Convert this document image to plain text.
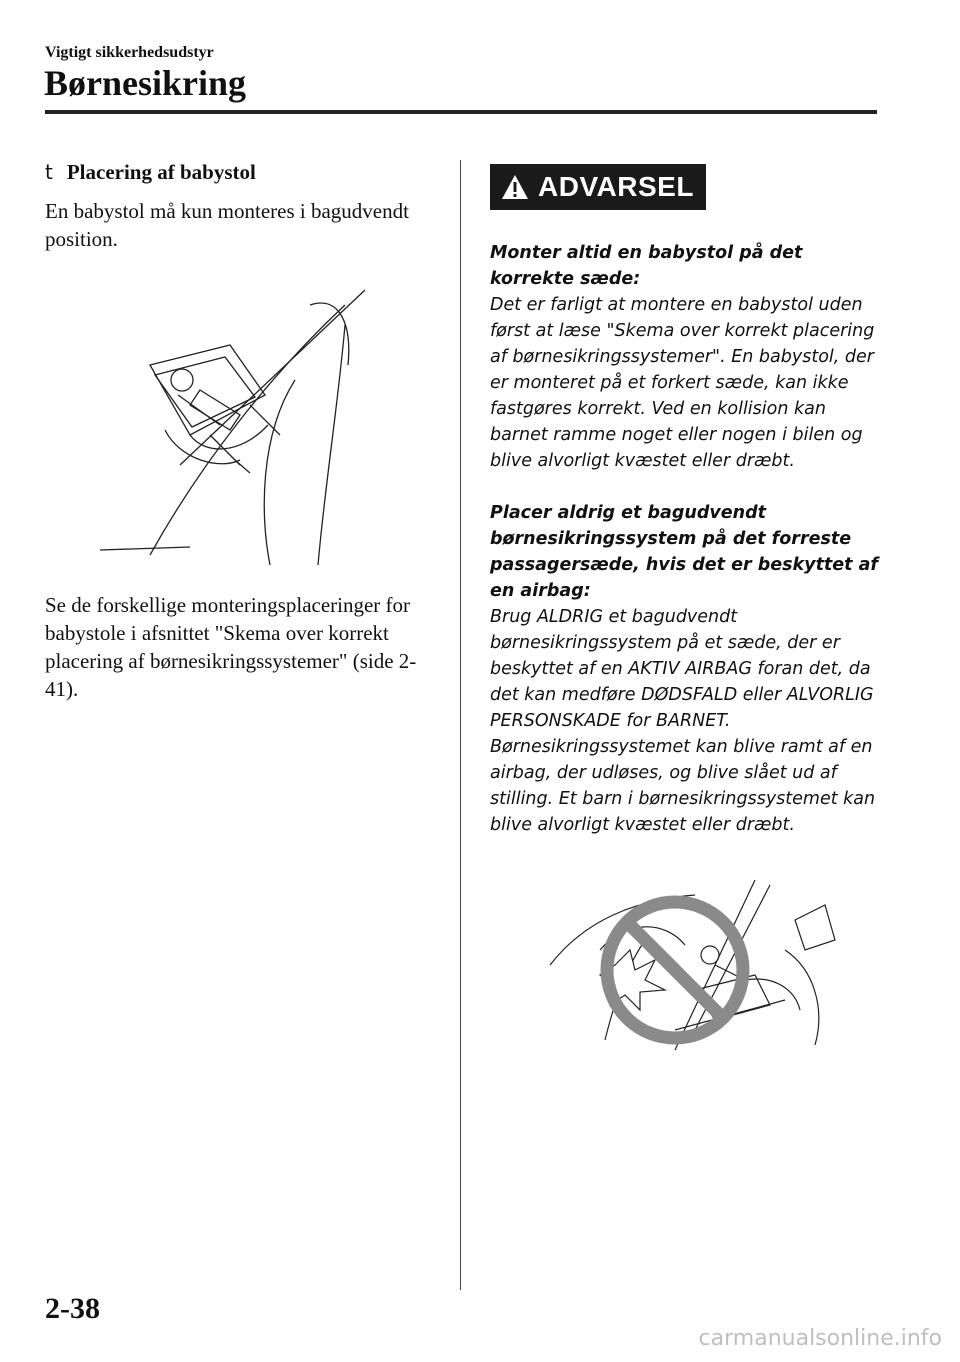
Vigtigt sikkerhedsudstyr
Børnesikring
t Placering af babystol

En babystol må kun monteres i bagudvendt position.

Se de forskellige monteringsplaceringer for babystole i afsnittet "Skema over korrekt placering af børnesikringssystemer" (side 2-41).

ADVARSEL

Monter altid en babystol på det korrekte sæde:

Det er farligt at montere en babystol uden først at læse "Skema over korrekt placering af børnesikringssystemer". En babystol, der er monteret på et forkert sæde, kan ikke fastgøres korrekt. Ved en kollision kan barnet ramme noget eller nogen i bilen og blive alvorligt kvæstet eller dræbt.

Placer aldrig et bagudvendt børnesikringssystem på det forreste passagersæde, hvis det er beskyttet af en airbag:

Brug ALDRIG et bagudvendt børnesikringssystem på et sæde, der er beskyttet af en AKTIV AIRBAG foran det, da det kan medføre DØDSFALD eller ALVORLIG PERSONSKADE for BARNET. Børnesikringssystemet kan blive ramt af en airbag, der udløses, og blive slået ud af stilling. Et barn i børnesikringssystemet kan blive alvorligt kvæstet eller dræbt.

2-38
carmanualsonline.info
